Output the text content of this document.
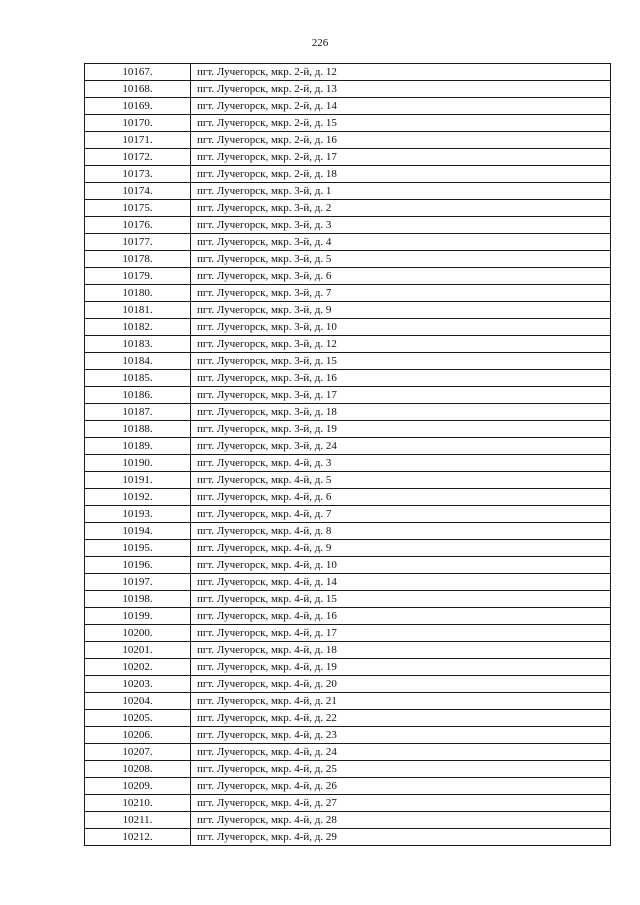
226
10167.	пгт. Лучегорск, мкр. 2-й, д. 12
10168.	пгт. Лучегорск, мкр. 2-й, д. 13
10169.	пгт. Лучегорск, мкр. 2-й, д. 14
10170.	пгт. Лучегорск, мкр. 2-й, д. 15
10171.	пгт. Лучегорск, мкр. 2-й, д. 16
10172.	пгт. Лучегорск, мкр. 2-й, д. 17
10173.	пгт. Лучегорск, мкр. 2-й, д. 18
10174.	пгт. Лучегорск, мкр. 3-й, д. 1
10175.	пгт. Лучегорск, мкр. 3-й, д. 2
10176.	пгт. Лучегорск, мкр. 3-й, д. 3
10177.	пгт. Лучегорск, мкр. 3-й, д. 4
10178.	пгт. Лучегорск, мкр. 3-й, д. 5
10179.	пгт. Лучегорск, мкр. 3-й, д. 6
10180.	пгт. Лучегорск, мкр. 3-й, д. 7
10181.	пгт. Лучегорск, мкр. 3-й, д. 9
10182.	пгт. Лучегорск, мкр. 3-й, д. 10
10183.	пгт. Лучегорск, мкр. 3-й, д. 12
10184.	пгт. Лучегорск, мкр. 3-й, д. 15
10185.	пгт. Лучегорск, мкр. 3-й, д. 16
10186.	пгт. Лучегорск, мкр. 3-й, д. 17
10187.	пгт. Лучегорск, мкр. 3-й, д. 18
10188.	пгт. Лучегорск, мкр. 3-й, д. 19
10189.	пгт. Лучегорск, мкр. 3-й, д. 24
10190.	пгт. Лучегорск, мкр. 4-й, д. 3
10191.	пгт. Лучегорск, мкр. 4-й, д. 5
10192.	пгт. Лучегорск, мкр. 4-й, д. 6
10193.	пгт. Лучегорск, мкр. 4-й, д. 7
10194.	пгт. Лучегорск, мкр. 4-й, д. 8
10195.	пгт. Лучегорск, мкр. 4-й, д. 9
10196.	пгт. Лучегорск, мкр. 4-й, д. 10
10197.	пгт. Лучегорск, мкр. 4-й, д. 14
10198.	пгт. Лучегорск, мкр. 4-й, д. 15
10199.	пгт. Лучегорск, мкр. 4-й, д. 16
10200.	пгт. Лучегорск, мкр. 4-й, д. 17
10201.	пгт. Лучегорск, мкр. 4-й, д. 18
10202.	пгт. Лучегорск, мкр. 4-й, д. 19
10203.	пгт. Лучегорск, мкр. 4-й, д. 20
10204.	пгт. Лучегорск, мкр. 4-й, д. 21
10205.	пгт. Лучегорск, мкр. 4-й, д. 22
10206.	пгт. Лучегорск, мкр. 4-й, д. 23
10207.	пгт. Лучегорск, мкр. 4-й, д. 24
10208.	пгт. Лучегорск, мкр. 4-й, д. 25
10209.	пгт. Лучегорск, мкр. 4-й, д. 26
10210.	пгт. Лучегорск, мкр. 4-й, д. 27
10211.	пгт. Лучегорск, мкр. 4-й, д. 28
10212.	пгт. Лучегорск, мкр. 4-й, д. 29
